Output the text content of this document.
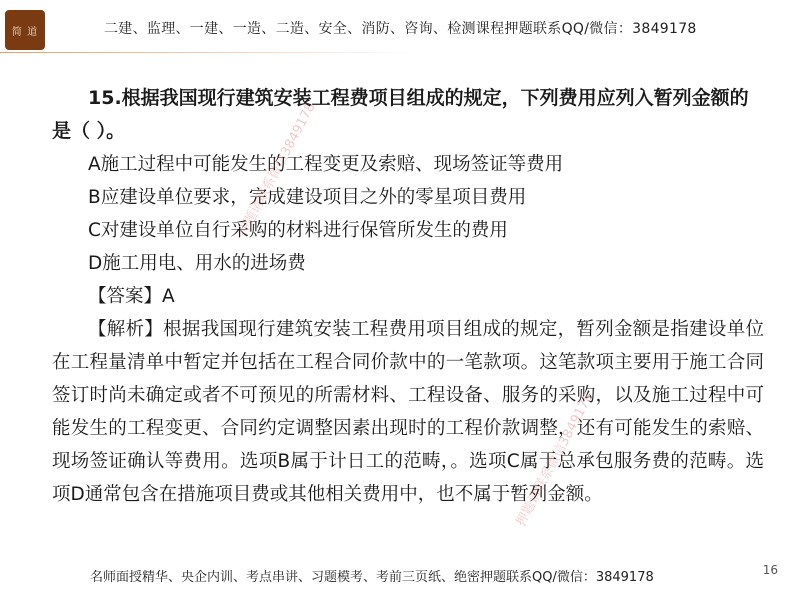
简 道	二建、监理、一建、一造、二造、安全、消防、咨询、检测课程押题联系QQ/微信：3849178

15.根据我国现行建筑安装工程费项目组成的规定，下列费用应列入暂列金额的是（ ）。

A施工过程中可能发生的工程变更及索赔、现场签证等费用

B应建设单位要求，完成建设项目之外的零星项目费用

C对建设单位自行采购的材料进行保管所发生的费用

D施工用电、用水的进场费

【答案】A

【解析】根据我国现行建筑安装工程费用项目组成的规定，暂列金额是指建设单位在工程量清单中暂定并包括在工程合同价款中的一笔款项。这笔款项主要用于施工合同签订时尚未确定或者不可预见的所需材料、工程设备、服务的采购，以及施工过程中可能发生的工程变更、合同约定调整因素出现时的工程价款调整，还有可能发生的索赔、现场签证确认等费用。选项B属于计日工的范畴，。选项C属于总承包服务费的范畴。选项D通常包含在措施项目费或其他相关费用中，也不属于暂列金额。

押题请联系微信3849178
押题请联系微信3849178
名师面授精华、央企内训、考点串讲、习题模考、考前三页纸、绝密押题联系QQ/微信：3849178	16
